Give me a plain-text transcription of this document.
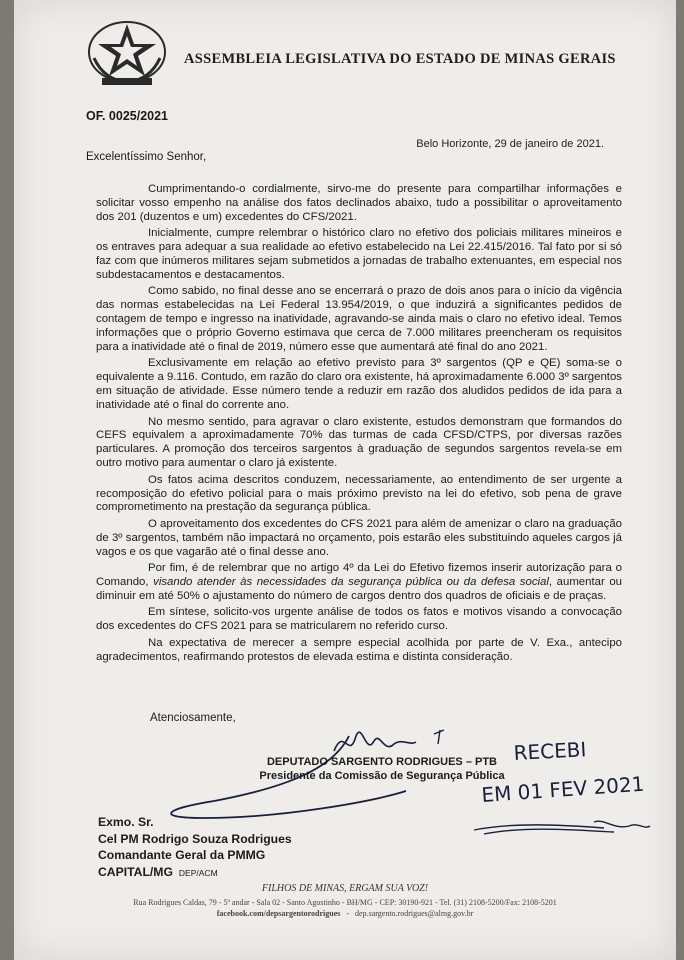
ASSEMBLEIA LEGISLATIVA DO ESTADO DE MINAS GERAIS
OF. 0025/2021
Belo Horizonte, 29 de janeiro de 2021.
Excelentíssimo Senhor,

Cumprimentando-o cordialmente, sirvo-me do presente para compartilhar informações e solicitar vosso empenho na análise dos fatos declinados abaixo, tudo a possibilitar o aproveitamento dos 201 (duzentos e um) excedentes do CFS/2021.

Inicialmente, cumpre relembrar o histórico claro no efetivo dos policiais militares mineiros e os entraves para adequar a sua realidade ao efetivo estabelecido na Lei 22.415/2016. Tal fato por si só faz com que inúmeros militares sejam submetidos a jornadas de trabalho extenuantes, em especial nos subdestacamentos e destacamentos.

Como sabido, no final desse ano se encerrará o prazo de dois anos para o início da vigência das normas estabelecidas na Lei Federal 13.954/2019, o que induzirá a significantes pedidos de contagem de tempo e ingresso na inatividade, agravando-se ainda mais o claro no efetivo ideal. Temos informações que o próprio Governo estimava que cerca de 7.000 militares preencheram os requisitos para a inatividade até o final de 2019, número esse que aumentará até final do ano 2021.

Exclusivamente em relação ao efetivo previsto para 3º sargentos (QP e QE) soma-se o equivalente a 9.116. Contudo, em razão do claro ora existente, há aproximadamente 6.000 3º sargentos em situação de atividade. Esse número tende a reduzir em razão dos aludidos pedidos de ida para a inatividade até o final do corrente ano.

No mesmo sentido, para agravar o claro existente, estudos demonstram que formandos do CEFS equivalem a aproximadamente 70% das turmas de cada CFSD/CTPS, por diversas razões particulares. A promoção dos terceiros sargentos à graduação de segundos sargentos revela-se em outro motivo para aumentar o claro já existente.

Os fatos acima descritos conduzem, necessariamente, ao entendimento de ser urgente a recomposição do efetivo policial para o mais próximo previsto na lei do efetivo, sob pena de grave comprometimento na prestação da segurança pública.

O aproveitamento dos excedentes do CFS 2021 para além de amenizar o claro na graduação de 3º sargentos, também não impactará no orçamento, pois estarão eles substituindo aqueles cargos já vagos e os que vagarão até o final desse ano.

Por fim, é de relembrar que no artigo 4º da Lei do Efetivo fizemos inserir autorização para o Comando, visando atender às necessidades da segurança pública ou da defesa social, aumentar ou diminuir em até 50% o ajustamento do número de cargos dentro dos quadros de oficiais e de praças.

Em síntese, solicito-vos urgente análise de todos os fatos e motivos visando a convocação dos excedentes do CFS 2021 para se matricularem no referido curso.

Na expectativa de merecer a sempre especial acolhida por parte de V. Exa., antecipo agradecimentos, reafirmando protestos de elevada estima e distinta consideração.

Atenciosamente,
DEPUTADO SARGENTO RODRIGUES – PTB
Presidente da Comissão de Segurança Pública
RECEBI
EM 01 FEV 2021
Exmo. Sr.
Cel PM Rodrigo Souza Rodrigues
Comandante Geral da PMMG
CAPITAL/MG DEP/ACM
FILHOS DE MINAS, ERGAM SUA VOZ!
Rua Rodrigues Caldas, 79 - 5º andar - Sala 02 - Santo Agostinho - BH/MG - CEP: 30190-921 - Tel. (31) 2108-5200/Fax: 2108-5201
facebook.com/depsargentorodrigues - dep.sargento.rodrigues@almg.gov.br
